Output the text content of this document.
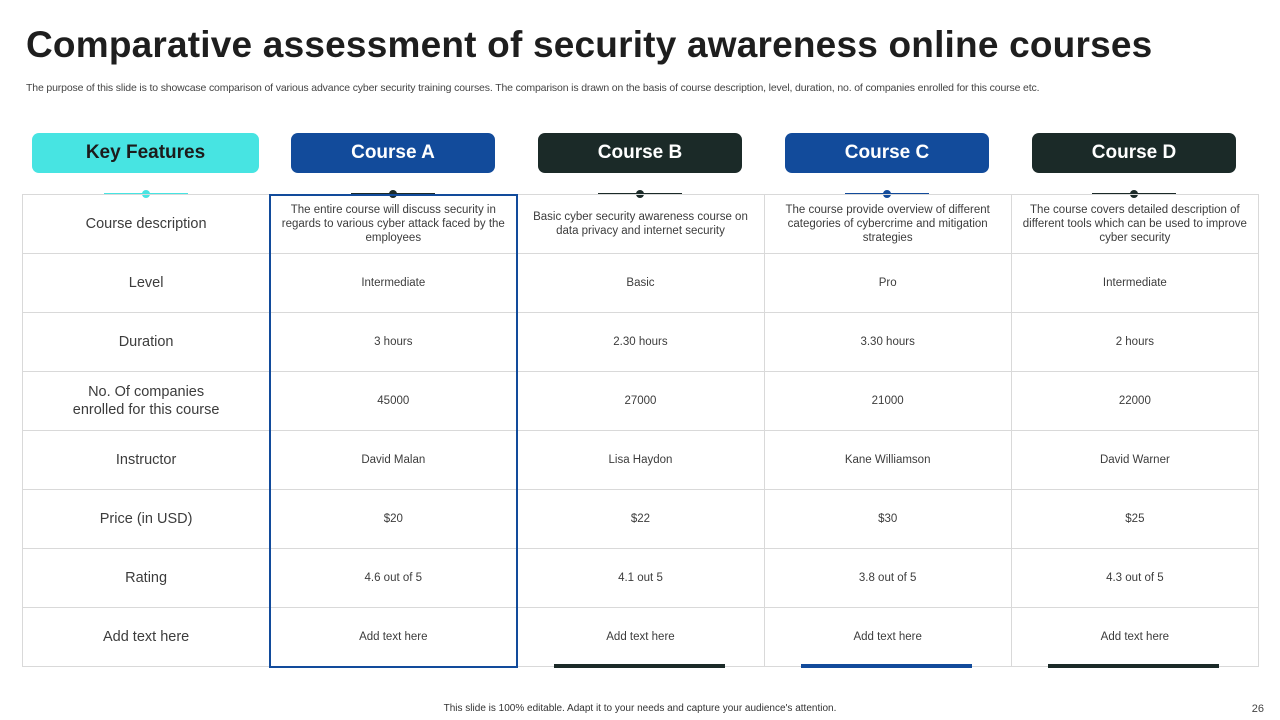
Comparative assessment of security awareness online courses
The purpose of this slide is to showcase comparison of various advance cyber security training courses. The comparison is drawn on the basis of course description, level, duration, no. of companies enrolled for this course etc.
Key Features	Course A	Course B	Course C	Course D
Course description	The entire course will discuss security in regards to various cyber attack faced by the employees	Basic cyber security awareness course on data privacy and internet security	The course provide overview of different categories of cybercrime and mitigation strategies	The course covers detailed description of different tools which can be used to improve cyber security
Level	Intermediate	Basic	Pro	Intermediate
Duration	3 hours	2.30 hours	3.30 hours	2 hours
No. Of companies enrolled for this course	45000	27000	21000	22000
Instructor	David Malan	Lisa Haydon	Kane Williamson	David Warner
Price (in USD)	$20	$22	$30	$25
Rating	4.6 out of 5	4.1 out 5	3.8 out of 5	4.3 out of 5
Add text here	Add text here	Add text here	Add text here	Add text here
This slide is 100% editable. Adapt it to your needs and capture your audience's attention.	26
